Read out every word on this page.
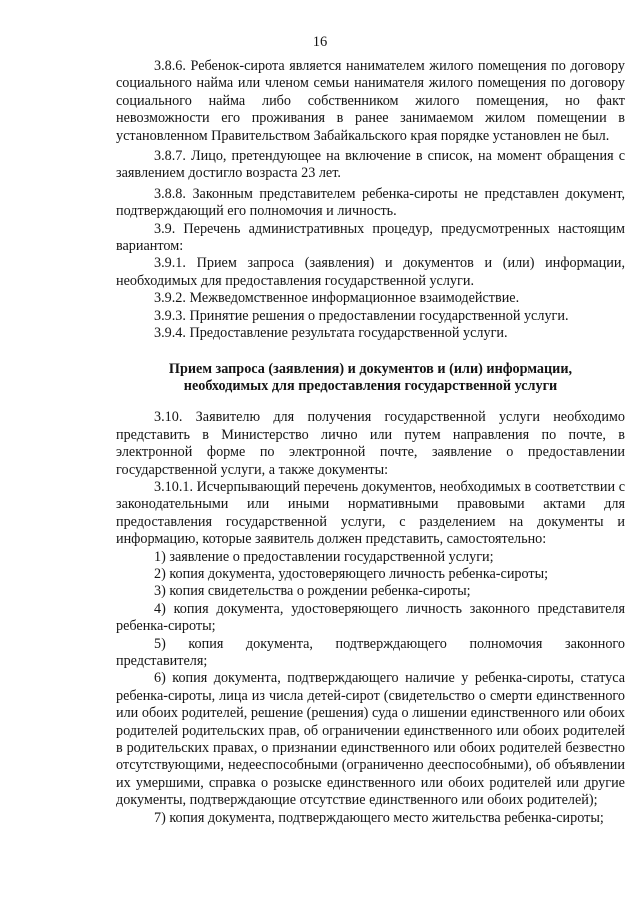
16

3.8.6. Ребенок-сирота является нанимателем жилого помещения по договору социального найма или членом семьи нанимателя жилого помещения по договору социального найма либо собственником жилого помещения, но факт невозможности его проживания в ранее занимаемом жилом помещении в установленном Правительством Забайкальского края порядке установлен не был.

3.8.7. Лицо, претендующее на включение в список, на момент обращения с заявлением достигло возраста 23 лет.

3.8.8. Законным представителем ребенка-сироты не представлен документ, подтверждающий его полномочия и личность.

3.9. Перечень административных процедур, предусмотренных настоящим вариантом:

3.9.1. Прием запроса (заявления) и документов и (или) информации, необходимых для предоставления государственной услуги.

3.9.2. Межведомственное информационное взаимодействие.

3.9.3. Принятие решения о предоставлении государственной услуги.

3.9.4. Предоставление результата государственной услуги.

Прием запроса (заявления) и документов и (или) информации,
необходимых для предоставления государственной услуги

3.10. Заявителю для получения государственной услуги необходимо представить в Министерство лично или путем направления по почте, в электронной форме по электронной почте, заявление о предоставлении государственной услуги, а также документы:

3.10.1. Исчерпывающий перечень документов, необходимых в соответствии с законодательными или иными нормативными правовыми актами для предоставления государственной услуги, с разделением на документы и информацию, которые заявитель должен представить, самостоятельно:

1) заявление о предоставлении государственной услуги;

2) копия документа, удостоверяющего личность ребенка-сироты;

3) копия свидетельства о рождении ребенка-сироты;

4) копия документа, удостоверяющего личность законного представителя ребенка-сироты;

5) копия документа, подтверждающего полномочия законного представителя;

6) копия документа, подтверждающего наличие у ребенка-сироты, статуса ребенка-сироты, лица из числа детей-сирот (свидетельство о смерти единственного или обоих родителей, решение (решения) суда о лишении единственного или обоих родителей родительских прав, об ограничении единственного или обоих родителей в родительских правах, о признании единственного или обоих родителей безвестно отсутствующими, недееспособными (ограниченно дееспособными), об объявлении их умершими, справка о розыске единственного или обоих родителей или другие документы, подтверждающие отсутствие единственного или обоих родителей);

7) копия документа, подтверждающего место жительства ребенка-сироты;
